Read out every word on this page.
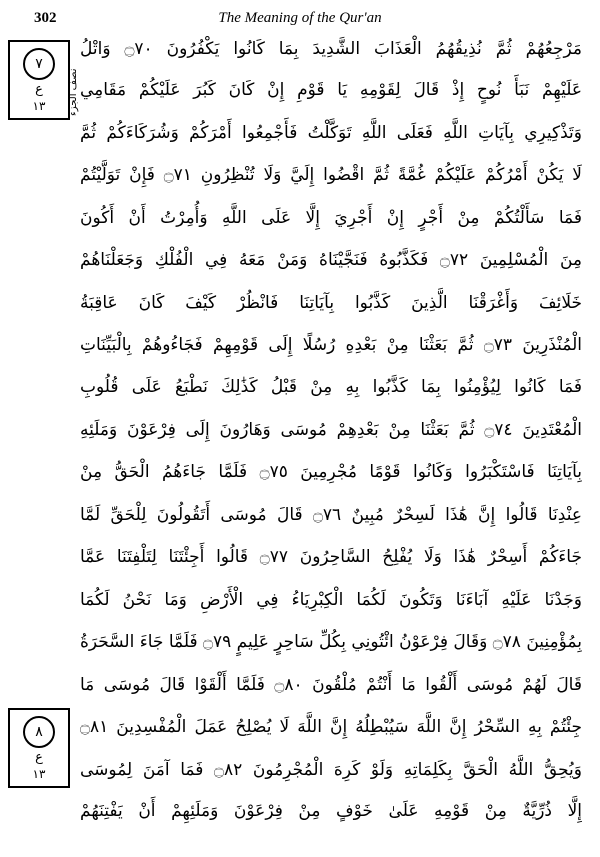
302	The Meaning of the Qur'an
٧
ع
١٣	نصف الجزء
٨
ع
١٣
مَرْجِعُهُمْ ثُمَّ نُذِيقُهُمُ الْعَذَابَ الشَّدِيدَ بِمَا كَانُوا يَكْفُرُونَ ۝٧٠ وَاتْلُ
عَلَيْهِمْ نَبَأَ نُوحٍ إِذْ قَالَ لِقَوْمِهِ يَا قَوْمِ إِنْ كَانَ كَبُرَ عَلَيْكُمْ مَقَامِي
وَتَذْكِيرِي بِآيَاتِ اللَّهِ فَعَلَى اللَّهِ تَوَكَّلْتُ فَأَجْمِعُوا أَمْرَكُمْ وَشُرَكَاءَكُمْ ثُمَّ
لَا يَكُنْ أَمْرُكُمْ عَلَيْكُمْ غُمَّةً ثُمَّ اقْضُوا إِلَيَّ وَلَا تُنْظِرُونِ ۝٧١ فَإِنْ تَوَلَّيْتُمْ
فَمَا سَأَلْتُكُمْ مِنْ أَجْرٍ إِنْ أَجْرِيَ إِلَّا عَلَى اللَّهِ وَأُمِرْتُ أَنْ أَكُونَ
مِنَ الْمُسْلِمِينَ ۝٧٢ فَكَذَّبُوهُ فَنَجَّيْنَاهُ وَمَنْ مَعَهُ فِي الْفُلْكِ وَجَعَلْنَاهُمْ
خَلَائِفَ وَأَغْرَقْنَا الَّذِينَ كَذَّبُوا بِآيَاتِنَا فَانْظُرْ كَيْفَ كَانَ عَاقِبَةُ
الْمُنْذَرِينَ ۝٧٣ ثُمَّ بَعَثْنَا مِنْ بَعْدِهِ رُسُلًا إِلَى قَوْمِهِمْ فَجَاءُوهُمْ بِالْبَيِّنَاتِ
فَمَا كَانُوا لِيُؤْمِنُوا بِمَا كَذَّبُوا بِهِ مِنْ قَبْلُ كَذَٰلِكَ نَطْبَعُ عَلَى قُلُوبِ
الْمُعْتَدِينَ ۝٧٤ ثُمَّ بَعَثْنَا مِنْ بَعْدِهِمْ مُوسَى وَهَارُونَ إِلَى فِرْعَوْنَ وَمَلَئِهِ
بِآيَاتِنَا فَاسْتَكْبَرُوا وَكَانُوا قَوْمًا مُجْرِمِينَ ۝٧٥ فَلَمَّا جَاءَهُمُ الْحَقُّ مِنْ
عِنْدِنَا قَالُوا إِنَّ هَٰذَا لَسِحْرٌ مُبِينٌ ۝٧٦ قَالَ مُوسَى أَتَقُولُونَ لِلْحَقِّ لَمَّا
جَاءَكُمْ أَسِحْرٌ هَٰذَا وَلَا يُفْلِحُ السَّاحِرُونَ ۝٧٧ قَالُوا أَجِئْتَنَا لِتَلْفِتَنَا عَمَّا
وَجَدْنَا عَلَيْهِ آبَاءَنَا وَتَكُونَ لَكُمَا الْكِبْرِيَاءُ فِي الْأَرْضِ وَمَا نَحْنُ لَكُمَا
بِمُؤْمِنِينَ ۝٧٨ وَقَالَ فِرْعَوْنُ ائْتُونِي بِكُلِّ سَاحِرٍ عَلِيمٍ ۝٧٩ فَلَمَّا جَاءَ السَّحَرَةُ
قَالَ لَهُمْ مُوسَى أَلْقُوا مَا أَنْتُمْ مُلْقُونَ ۝٨٠ فَلَمَّا أَلْقَوْا قَالَ مُوسَى مَا
جِئْتُمْ بِهِ السِّحْرُ إِنَّ اللَّهَ سَيُبْطِلُهُ إِنَّ اللَّهَ لَا يُصْلِحُ عَمَلَ الْمُفْسِدِينَ ۝٨١
وَيُحِقُّ اللَّهُ الْحَقَّ بِكَلِمَاتِهِ وَلَوْ كَرِهَ الْمُجْرِمُونَ ۝٨٢ فَمَا آمَنَ لِمُوسَى
إِلَّا ذُرِّيَّةٌ مِنْ قَوْمِهِ عَلَىٰ خَوْفٍ مِنْ فِرْعَوْنَ وَمَلَئِهِمْ أَنْ يَفْتِنَهُمْ
